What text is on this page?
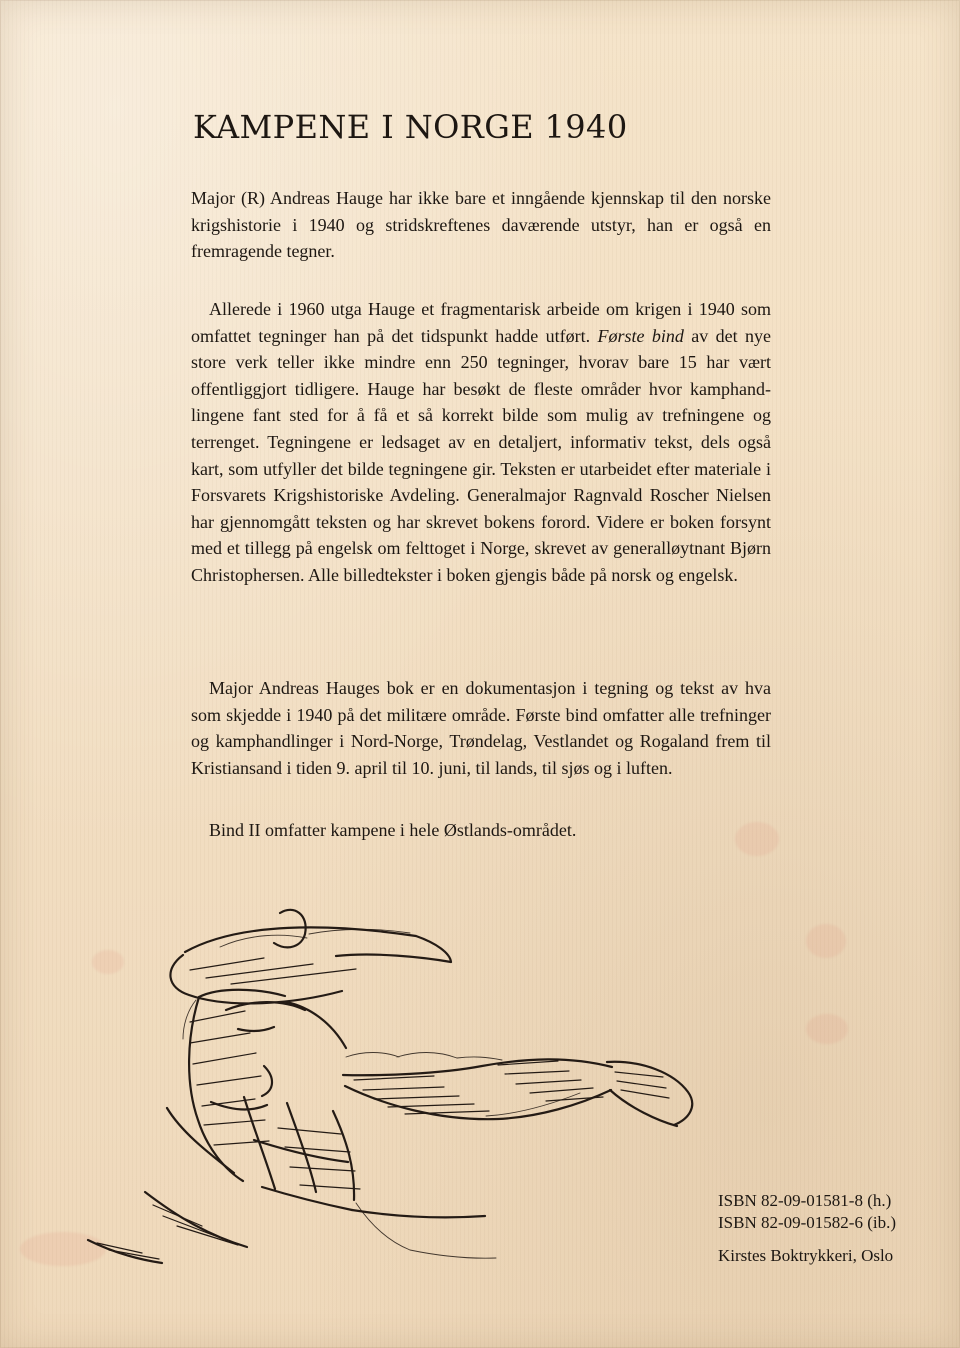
KAMPENE I NORGE 1940

Major (R) Andreas Hauge har ikke bare et inngående kjennskap til den norske krigshistorie i 1940 og stridskreftenes daværende utstyr, han er også en fremragende tegner.

Allerede i 1960 utga Hauge et fragmentarisk arbeide om krigen i 1940 som omfattet tegninger han på det tidspunkt hadde utført. Første bind av det nye store verk teller ikke mindre enn 250 tegninger, hvorav bare 15 har vært offentliggjort tidligere. Hauge har besøkt de fleste områder hvor kamphandlingene fant sted for å få et så korrekt bilde som mulig av trefningene og terrenget. Tegningene er ledsaget av en detaljert, informativ tekst, dels også kart, som utfyller det bilde tegningene gir. Teksten er utarbeidet efter materiale i Forsvarets Krigshistoriske Avdeling. Generalmajor Ragnvald Roscher Nielsen har gjennomgått teksten og har skrevet bokens forord. Videre er boken forsynt med et tillegg på engelsk om felttoget i Norge, skrevet av generalløytnant Bjørn Christophersen. Alle billedtekster i boken gjengis både på norsk og engelsk.

Major Andreas Hauges bok er en dokumentasjon i tegning og tekst av hva som skjedde i 1940 på det militære område. Første bind omfatter alle trefninger og kamphandlinger i Nord-Norge, Trøndelag, Vestlandet og Rogaland frem til Kristiansand i tiden 9. april til 10. juni, til lands, til sjøs og i luften.

Bind II omfatter kampene i hele Østlands-området.

ISBN 82-09-01581-8 (h.)
ISBN 82-09-01582-6 (ib.)
Kirstes Boktrykkeri, Oslo
